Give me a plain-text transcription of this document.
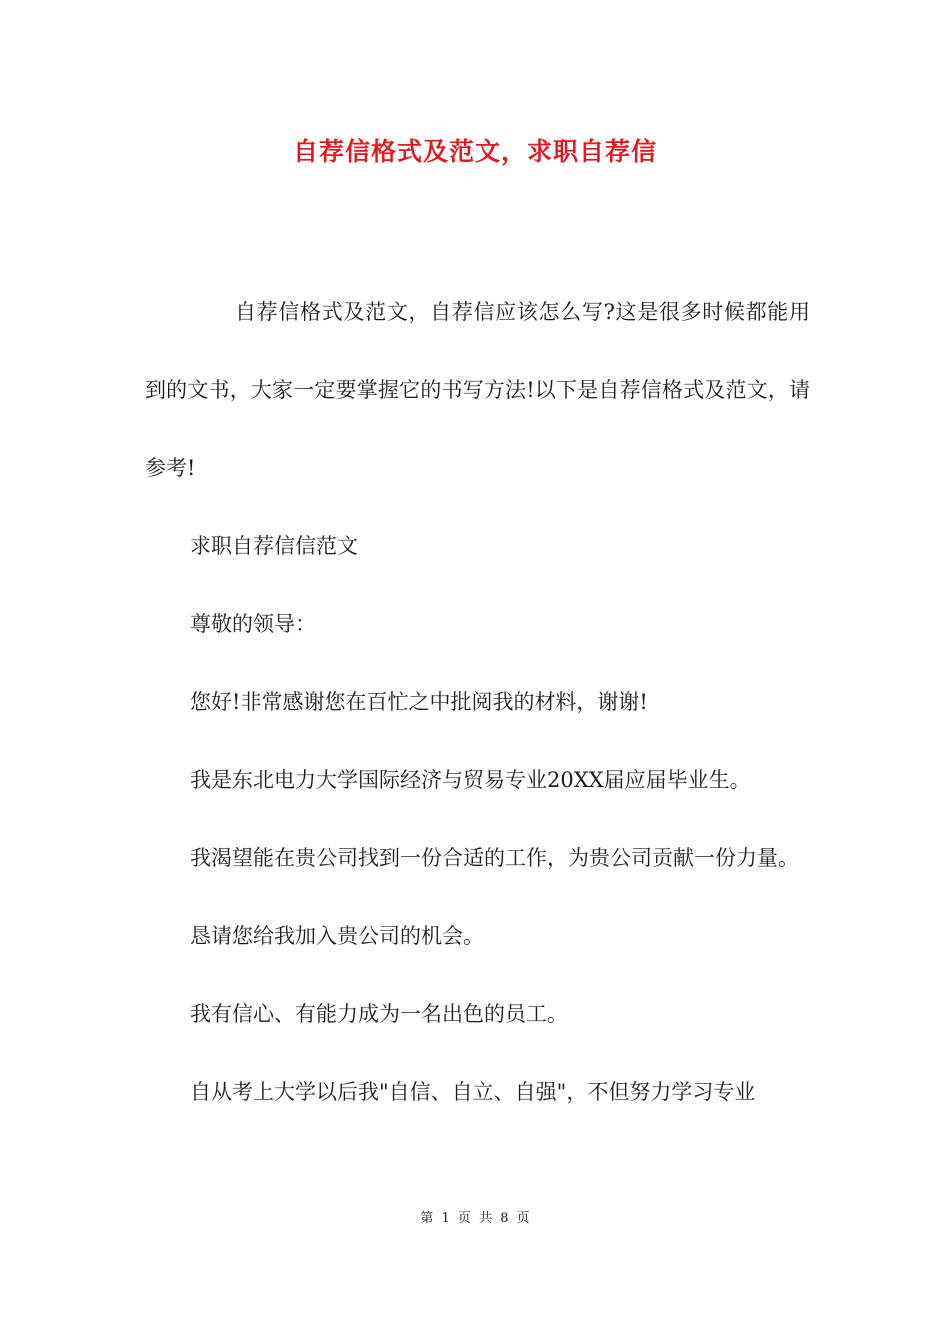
自荐信格式及范文，求职自荐信

自荐信格式及范文，自荐信应该怎么写?这是很多时候都能用到的文书，大家一定要掌握它的书写方法!以下是自荐信格式及范文，请参考!

求职自荐信信范文

尊敬的领导：

您好!非常感谢您在百忙之中批阅我的材料，谢谢!

我是东北电力大学国际经济与贸易专业20XX届应届毕业生。

我渴望能在贵公司找到一份合适的工作，为贵公司贡献一份力量。

恳请您给我加入贵公司的机会。

我有信心、有能力成为一名出色的员工。

自从考上大学以后我"自信、自立、自强"，不但努力学习专业

第 1 页 共 8 页
